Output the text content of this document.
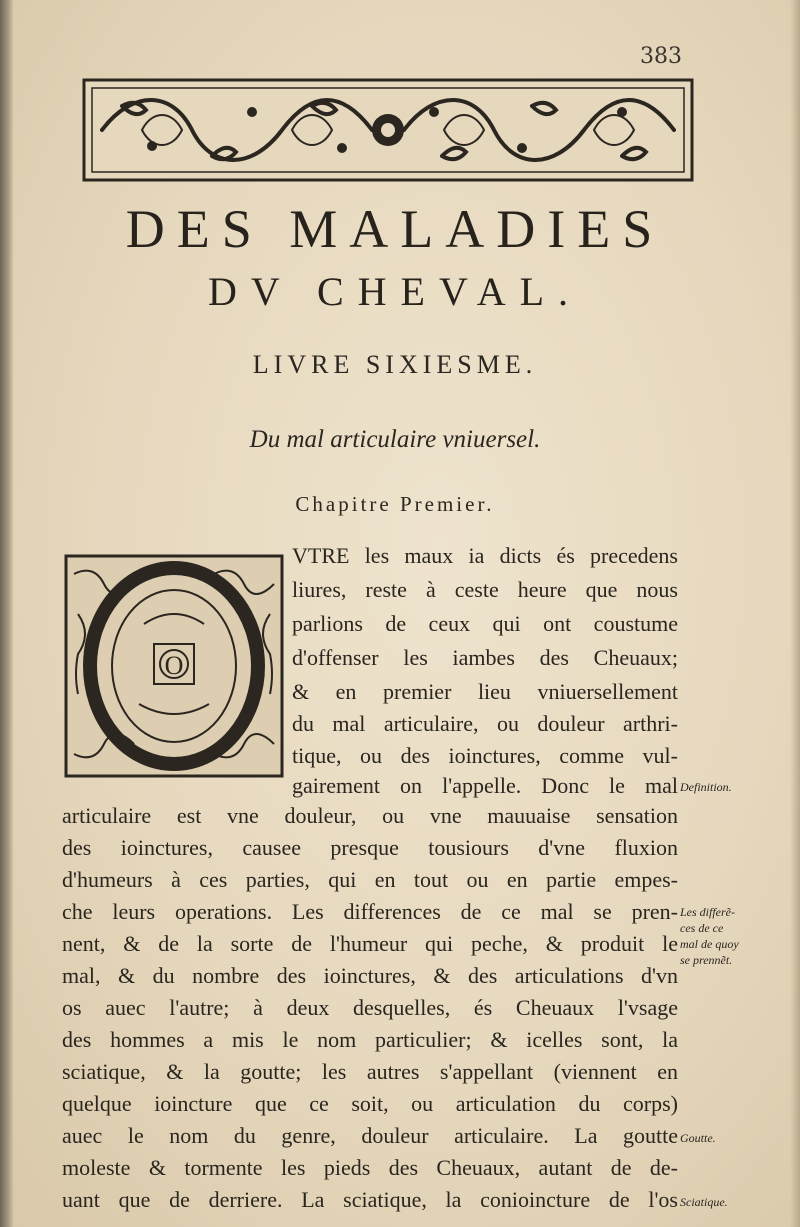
383
DES MALADIES
DV CHEVAL.
LIVRE SIXIESME.
Du mal articulaire vniuersel.
Chapitre Premier.
O
VTRE les maux ia dicts és precedens
liures, reste à ceste heure que nous
parlions de ceux qui ont coustume
d'offenser les iambes des Cheuaux;
& en premier lieu vniuersellement
du mal articulaire, ou douleur arthri-
tique, ou des ioinctures, comme vul-
gairement on l'appelle. Donc le mal
articulaire est vne douleur, ou vne mauuaise sensation
des ioinctures, causee presque tousiours d'vne fluxion
d'humeurs à ces parties, qui en tout ou en partie empes-
che leurs operations. Les differences de ce mal se pren-
nent, & de la sorte de l'humeur qui peche, & produit le
mal, & du nombre des ioinctures, & des articulations d'vn
os auec l'autre; à deux desquelles, és Cheuaux l'vsage
des hommes a mis le nom particulier; & icelles sont, la
sciatique, & la goutte; les autres s'appellant (viennent en
quelque ioincture que ce soit, ou articulation du corps)
auec le nom du genre, douleur articulaire. La goutte
moleste & tormente les pieds des Cheuaux, autant de de-
uant que de derriere. La sciatique, la conioincture de l'os
Definition.
Les differẽ-
ces de ce
mal de quoy
se prennẽt.
Goutte.
Sciatique.
